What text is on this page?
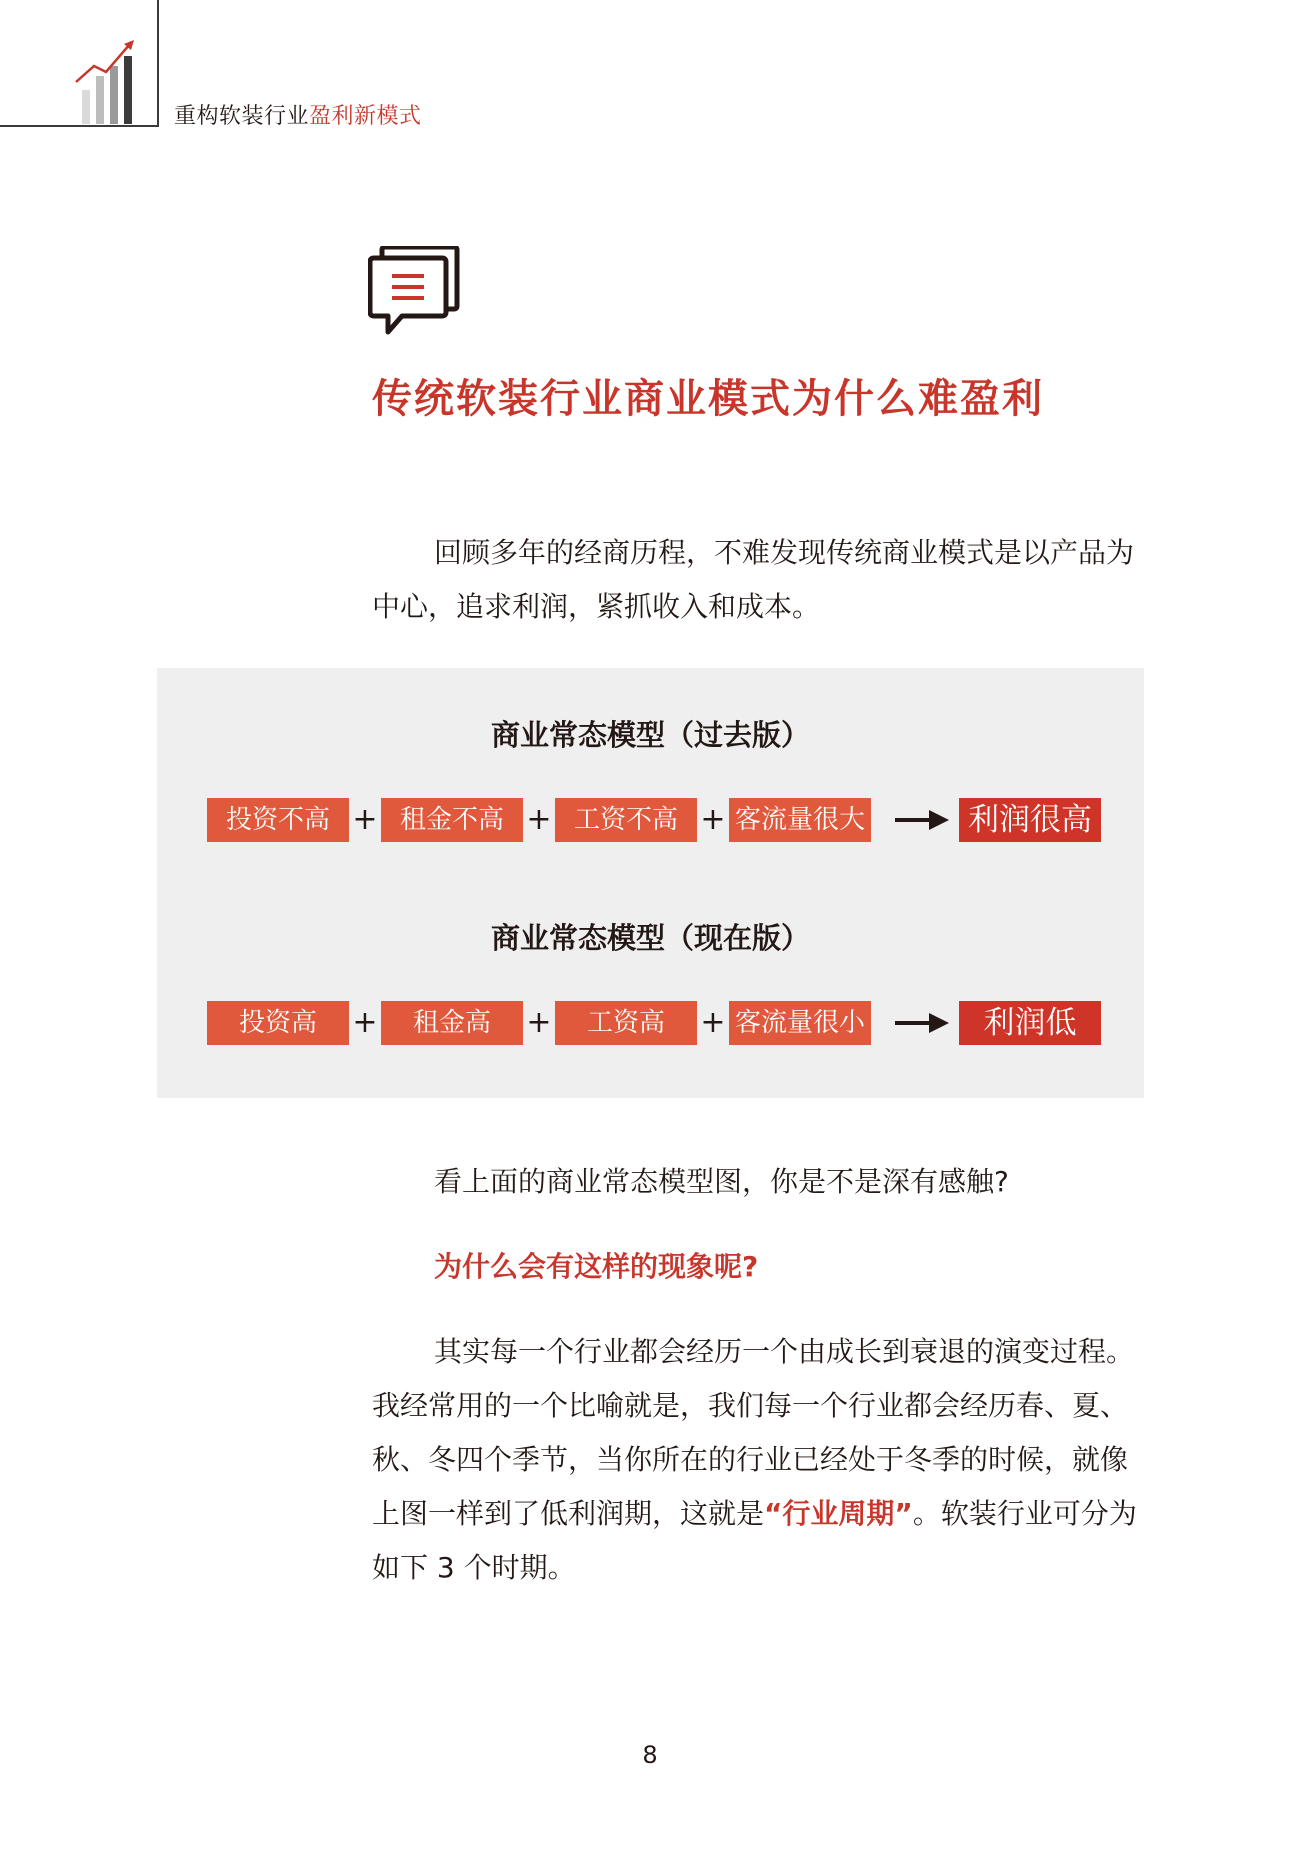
重构软装行业盈利新模式
传统软装行业商业模式为什么难盈利

回顾多年的经商历程，不难发现传统商业模式是以产品为中心，追求利润，紧抓收入和成本。

商业常态模型（过去版）
投资不高 + 租金不高 + 工资不高 + 客流量很大	利润很高
商业常态模型（现在版）
投资高	+	租金高	+	工资高	+ 客流量很小	利润低

看上面的商业常态模型图，你是不是深有感触?

为什么会有这样的现象呢?

其实每一个行业都会经历一个由成长到衰退的演变过程。我经常用的一个比喻就是，我们每一个行业都会经历春、夏、秋、冬四个季节，当你所在的行业已经处于冬季的时候，就像上图一样到了低利润期，这就是“行业周期”。软装行业可分为如下 3 个时期。

8
